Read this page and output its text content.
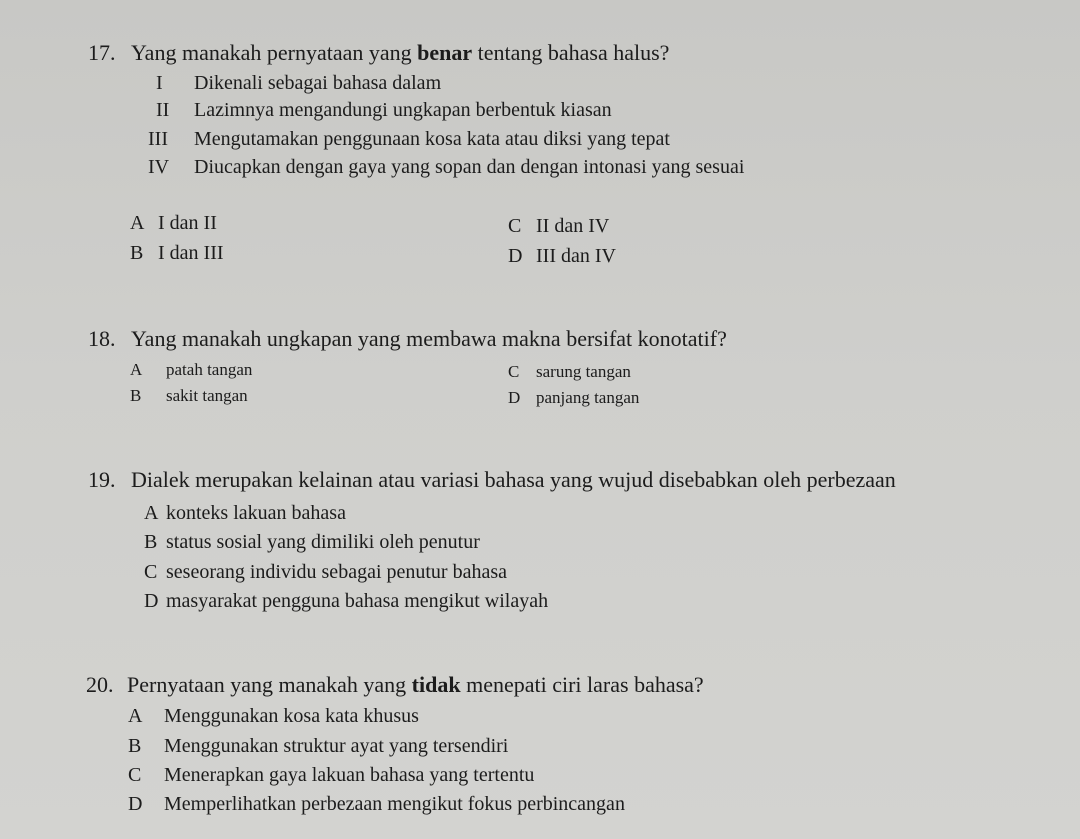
17. Yang manakah pernyataan yang benar tentang bahasa halus?
I Dikenali sebagai bahasa dalam
II Lazimnya mengandungi ungkapan berbentuk kiasan
III Mengutamakan penggunaan kosa kata atau diksi yang tepat
IV Diucapkan dengan gaya yang sopan dan dengan intonasi yang sesuai
A I dan II
B I dan III
C II dan IV
D III dan IV
18. Yang manakah ungkapan yang membawa makna bersifat konotatif?
A patah tangan
B sakit tangan
C sarung tangan
D panjang tangan
19. Dialek merupakan kelainan atau variasi bahasa yang wujud disebabkan oleh perbezaan
A konteks lakuan bahasa
B status sosial yang dimiliki oleh penutur
C seseorang individu sebagai penutur bahasa
D masyarakat pengguna bahasa mengikut wilayah
20. Pernyataan yang manakah yang tidak menepati ciri laras bahasa?
A Menggunakan kosa kata khusus
B Menggunakan struktur ayat yang tersendiri
C Menerapkan gaya lakuan bahasa yang tertentu
D Memperlihatkan perbezaan mengikut fokus perbincangan
